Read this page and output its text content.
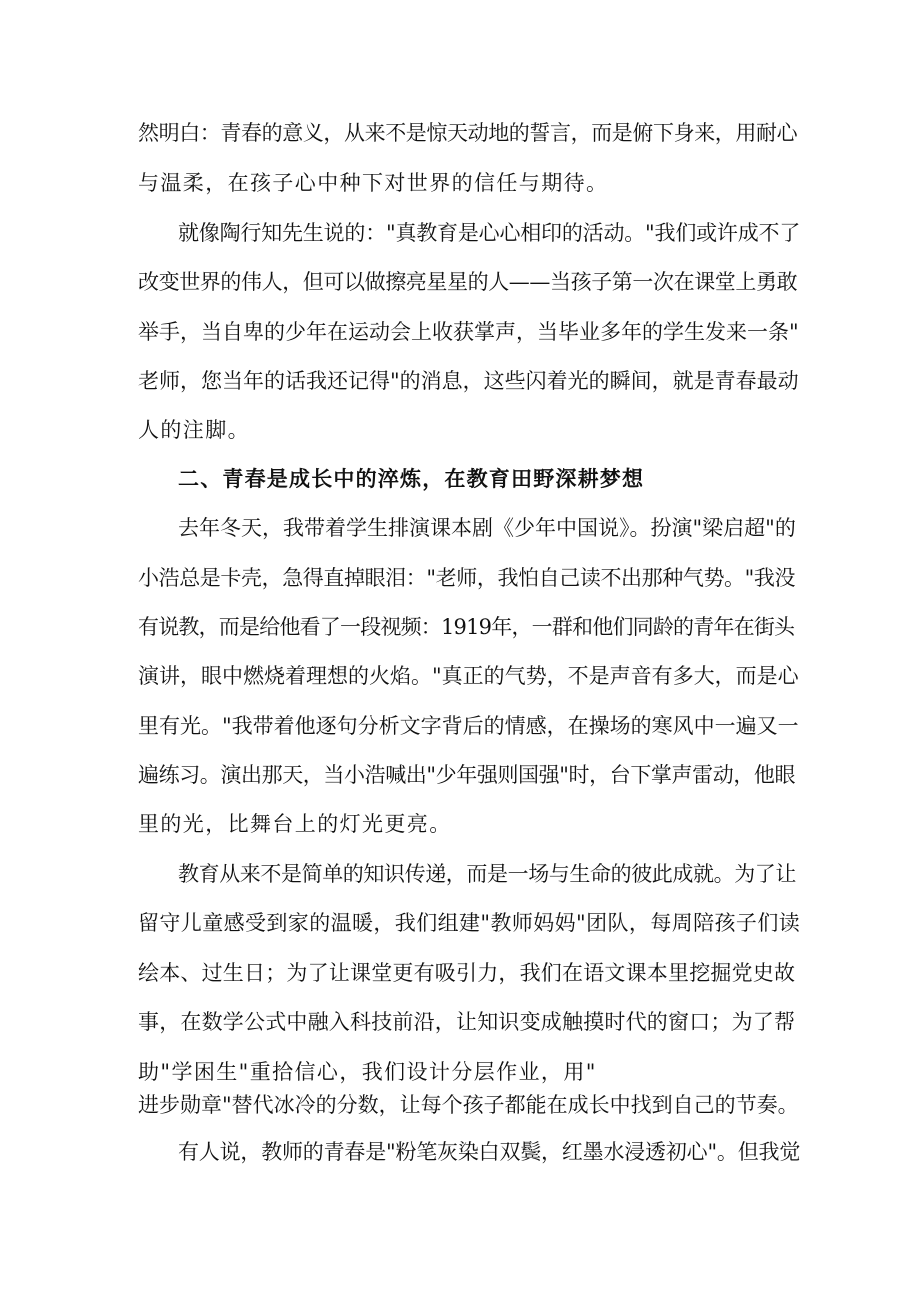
然明白：青春的意义，从来不是惊天动地的誓言，而是俯下身来，用耐心
与温柔，在孩子心中种下对世界的信任与期待。
就像陶行知先生说的："真教育是心心相印的活动。"我们或许成不了
改变世界的伟人，但可以做擦亮星星的人——当孩子第一次在课堂上勇敢
举手，当自卑的少年在运动会上收获掌声，当毕业多年的学生发来一条"
老师，您当年的话我还记得"的消息，这些闪着光的瞬间，就是青春最动
人的注脚。
二、青春是成长中的淬炼，在教育田野深耕梦想
去年冬天，我带着学生排演课本剧《少年中国说》。扮演"梁启超"的
小浩总是卡壳，急得直掉眼泪："老师，我怕自己读不出那种气势。"我没
有说教，而是给他看了一段视频：1919年，一群和他们同龄的青年在街头
演讲，眼中燃烧着理想的火焰。"真正的气势，不是声音有多大，而是心
里有光。"我带着他逐句分析文字背后的情感，在操场的寒风中一遍又一
遍练习。演出那天，当小浩喊出"少年强则国强"时，台下掌声雷动，他眼
里的光，比舞台上的灯光更亮。
教育从来不是简单的知识传递，而是一场与生命的彼此成就。为了让
留守儿童感受到家的温暖，我们组建"教师妈妈"团队，每周陪孩子们读
绘本、过生日；为了让课堂更有吸引力，我们在语文课本里挖掘党史故
事，在数学公式中融入科技前沿，让知识变成触摸时代的窗口；为了帮
助"学困生"重拾信心，我们设计分层作业，用"
进步勋章"替代冰冷的分数，让每个孩子都能在成长中找到自己的节奏。
有人说，教师的青春是"粉笔灰染白双鬓，红墨水浸透初心"。但我觉
